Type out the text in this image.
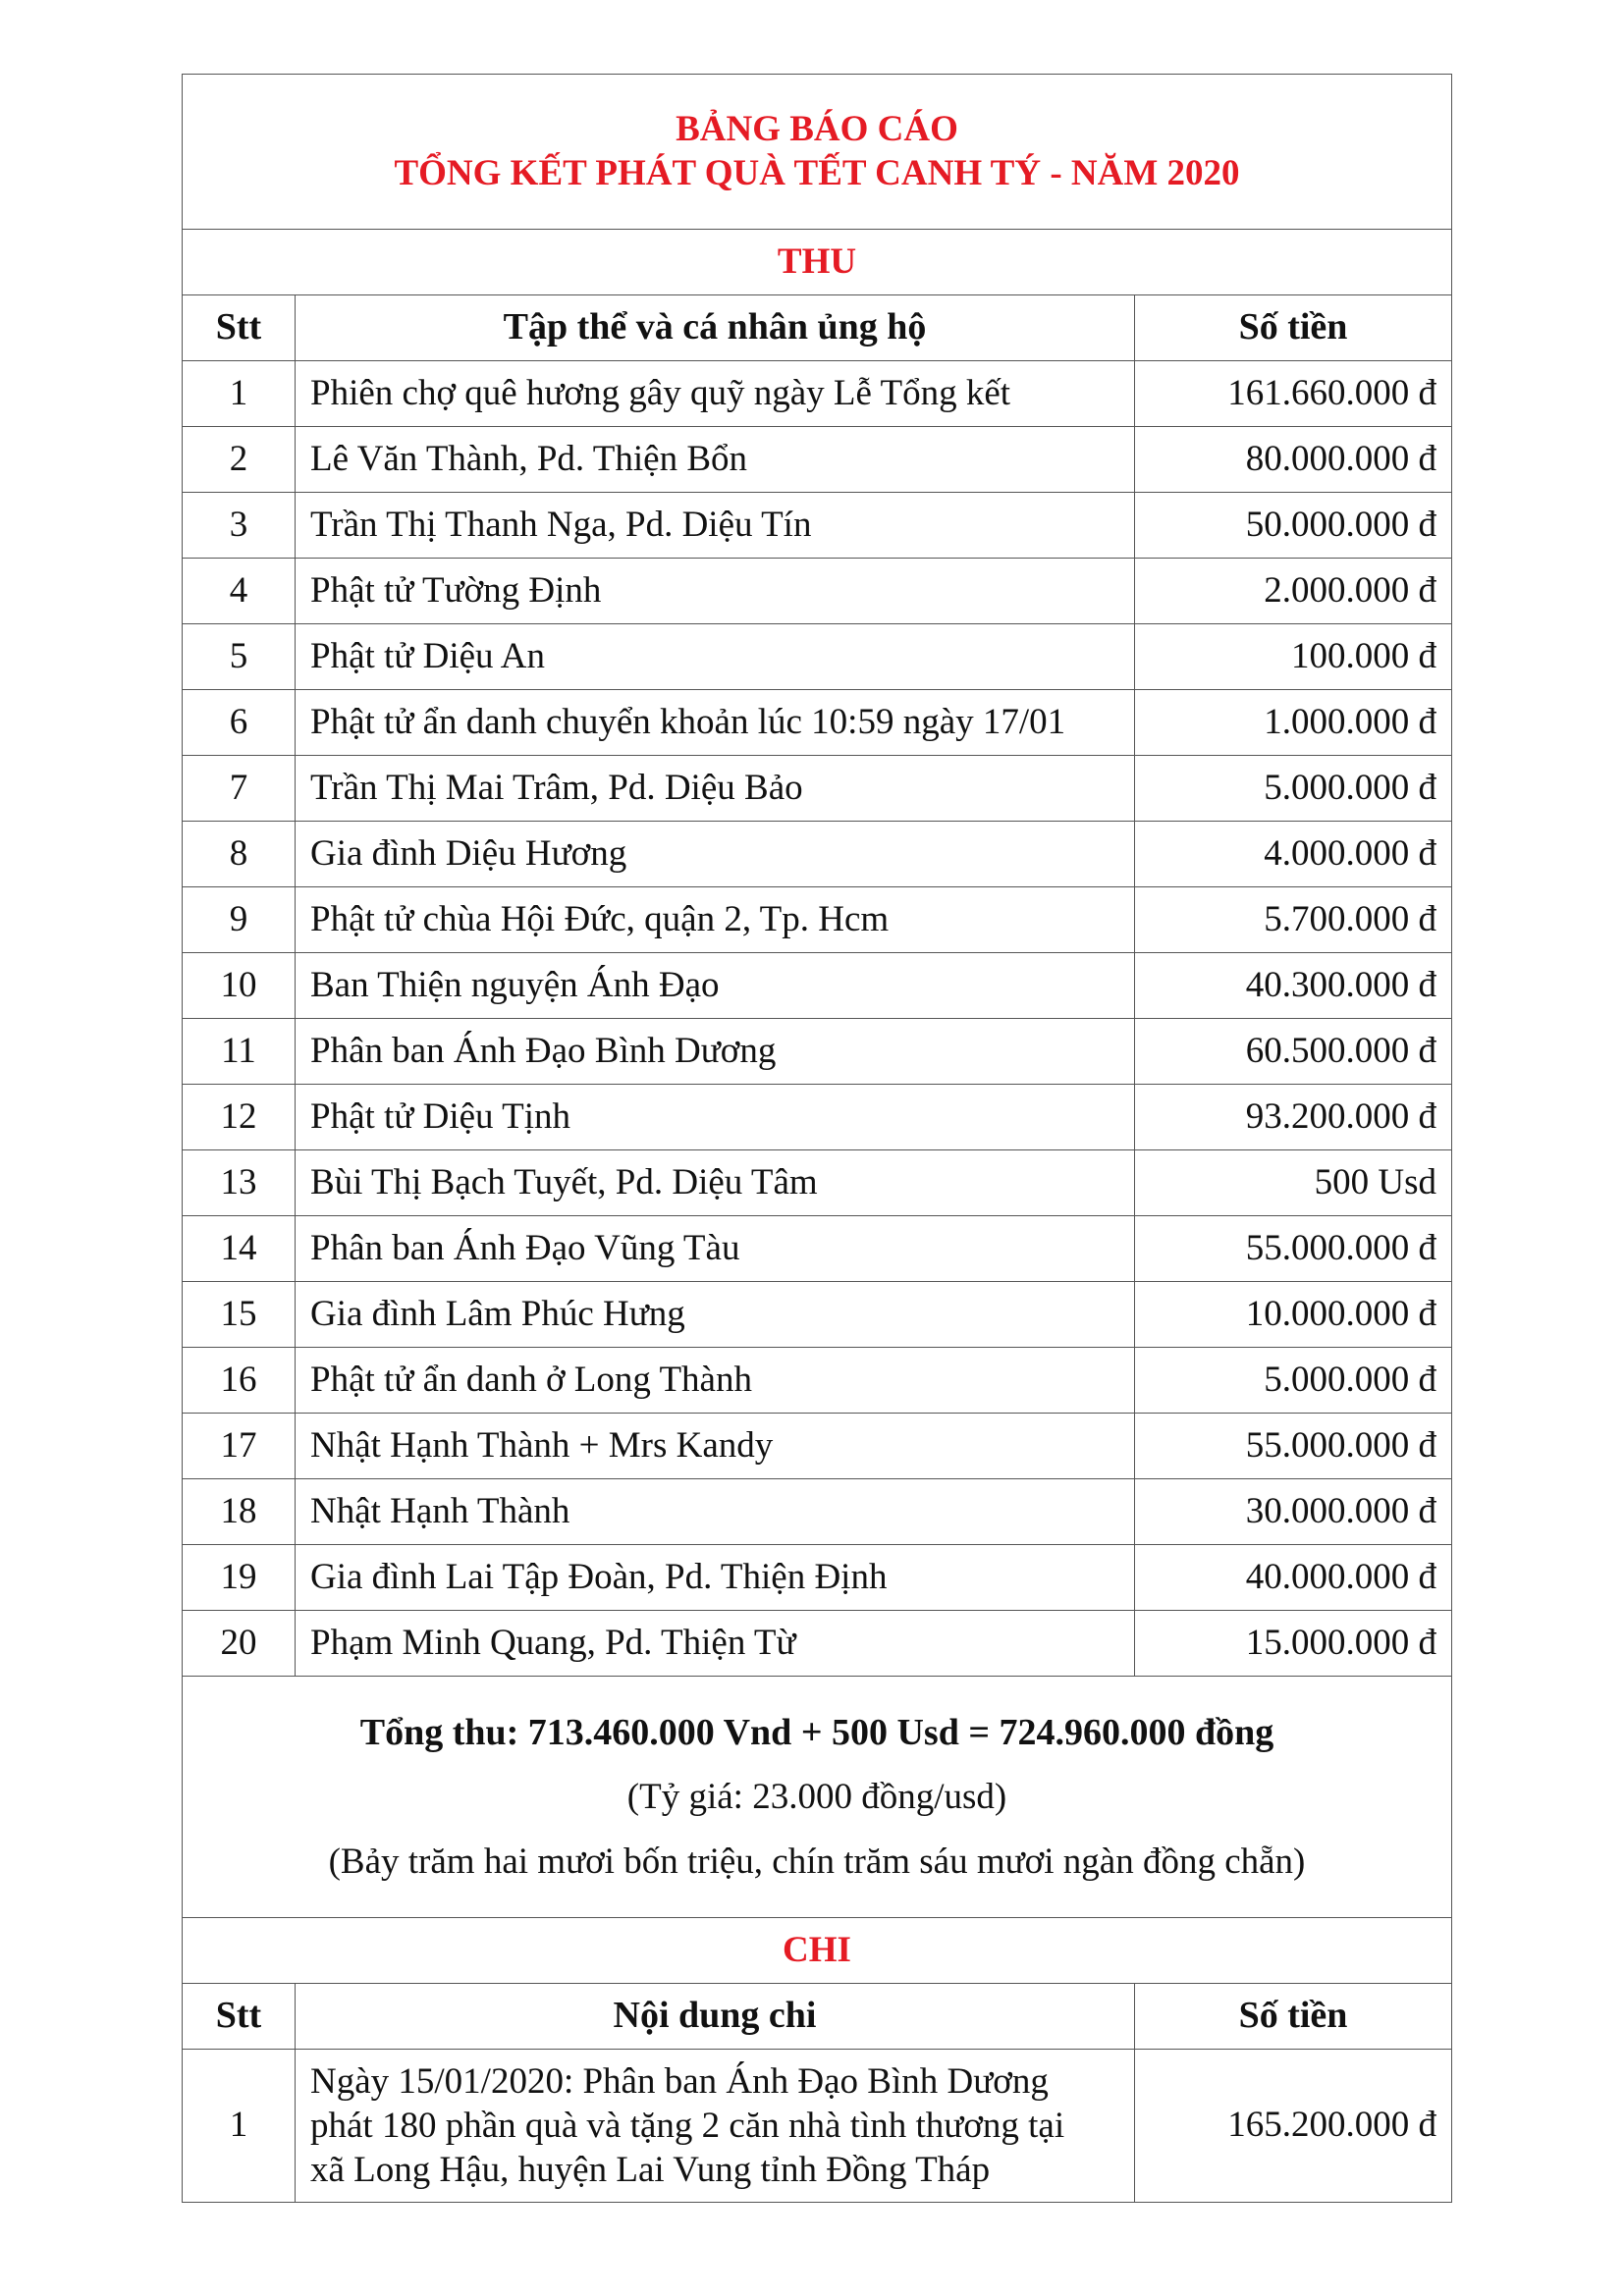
BẢNG BÁO CÁO
TỔNG KẾT PHÁT QUÀ TẾT CANH TÝ - NĂM 2020		

THU		
Stt	Tập thể và cá nhân ủng hộ	Số tiền
1	Phiên chợ quê hương gây quỹ ngày Lễ Tổng kết	161.660.000 đ
2	Lê Văn Thành, Pd. Thiện Bổn	80.000.000 đ
3	Trần Thị Thanh Nga, Pd. Diệu Tín	50.000.000 đ
4	Phật tử Tường Định	2.000.000 đ
5	Phật tử Diệu An	100.000 đ
6	Phật tử ẩn danh chuyển khoản lúc 10:59 ngày 17/01	1.000.000 đ
7	Trần Thị Mai Trâm, Pd. Diệu Bảo	5.000.000 đ
8	Gia đình Diệu Hương	4.000.000 đ
9	Phật tử chùa Hội Đức, quận 2, Tp. Hcm	5.700.000 đ
10	Ban Thiện nguyện Ánh Đạo	40.300.000 đ
11	Phân ban Ánh Đạo Bình Dương	60.500.000 đ
12	Phật tử Diệu Tịnh	93.200.000 đ
13	Bùi Thị Bạch Tuyết, Pd. Diệu Tâm	500 Usd
14	Phân ban Ánh Đạo Vũng Tàu	55.000.000 đ
15	Gia đình Lâm Phúc Hưng	10.000.000 đ
16	Phật tử ẩn danh ở Long Thành	5.000.000 đ
17	Nhật Hạnh Thành + Mrs Kandy	55.000.000 đ
18	Nhật Hạnh Thành	30.000.000 đ
19	Gia đình Lai Tập Đoàn, Pd. Thiện Định	40.000.000 đ
20	Phạm Minh Quang, Pd. Thiện Từ	15.000.000 đ

Tổng thu: 713.460.000 Vnd + 500 Usd = 724.960.000 đồng
(Tỷ giá: 23.000 đồng/usd)
(Bảy trăm hai mươi bốn triệu, chín trăm sáu mươi ngàn đồng chẵn)		

CHI		
Stt	Nội dung chi	Số tiền
1	Ngày 15/01/2020: Phân ban Ánh Đạo Bình Dương
phát 180 phần quà và tặng 2 căn nhà tình thương tại
xã Long Hậu, huyện Lai Vung tỉnh Đồng Tháp	165.200.000 đ
